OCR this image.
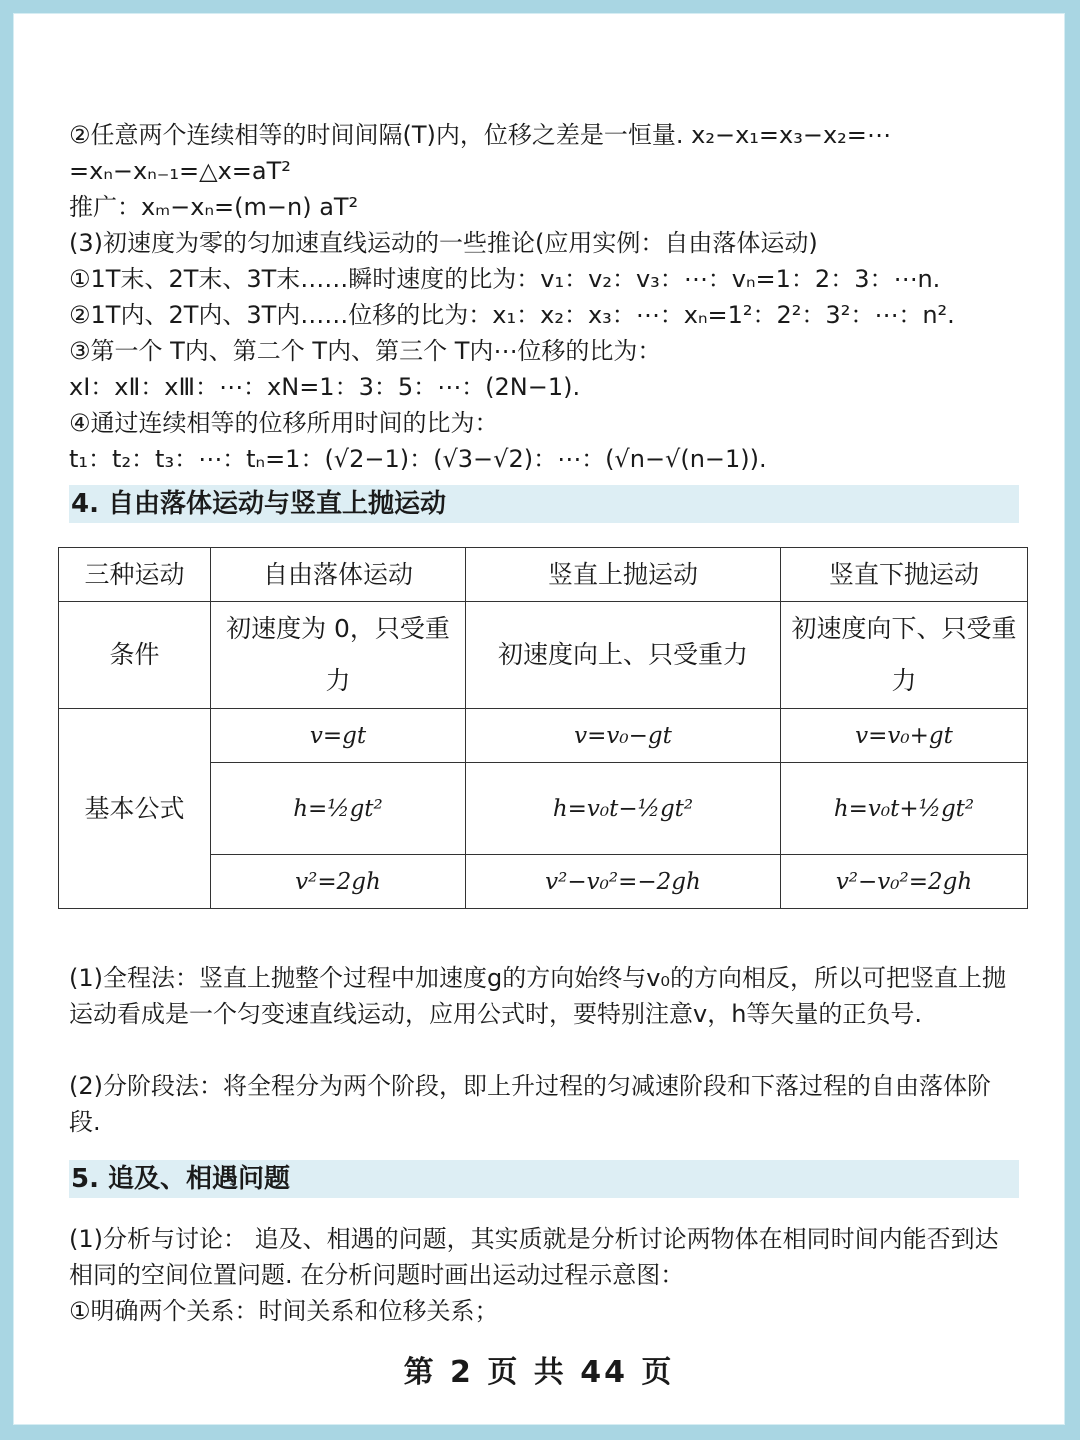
②任意两个连续相等的时间间隔(T)内，位移之差是一恒量. x₂−x₁=x₃−x₂=⋯

=xₙ−xₙ₋₁=△x=aT²

推广：xₘ−xₙ=(m−n) aT²

(3)初速度为零的匀加速直线运动的一些推论(应用实例：自由落体运动)

①1T末、2T末、3T末……瞬时速度的比为：v₁：v₂：v₃：⋯：vₙ=1：2：3：⋯n.

②1T内、2T内、3T内……位移的比为：x₁：x₂：x₃：⋯：xₙ=1²：2²：3²：⋯：n².

③第一个 T内、第二个 T内、第三个 T内⋯位移的比为：

xⅠ：xⅡ：xⅢ：⋯：xN=1：3：5：⋯：(2N−1).

④通过连续相等的位移所用时间的比为：

t₁：t₂：t₃：⋯：tₙ=1：(√2−1)：(√3−√2)：⋯：(√n−√(n−1)).

4. 自由落体运动与竖直上抛运动
三种运动	自由落体运动	竖直上抛运动	竖直下抛运动
条件	初速度为 0，只受重力	初速度向上、只受重力	初速度向下、只受重力
基本公式	v=gt	v=v₀−gt	v=v₀+gt
	h=½gt²	h=v₀t−½gt²	h=v₀t+½gt²
	v²=2gh	v²−v₀²=−2gh	v²−v₀²=2gh
(1)全程法：竖直上抛整个过程中加速度g的方向始终与v₀的方向相反，所以可把竖直上抛运动看成是一个匀变速直线运动，应用公式时，要特别注意v，h等矢量的正负号.
(2)分阶段法：将全程分为两个阶段，即上升过程的匀减速阶段和下落过程的自由落体阶段.
5. 追及、相遇问题
(1)分析与讨论： 追及、相遇的问题，其实质就是分析讨论两物体在相同时间内能否到达相同的空间位置问题. 在分析问题时画出运动过程示意图：
①明确两个关系：时间关系和位移关系；
第 2 页 共 44 页
